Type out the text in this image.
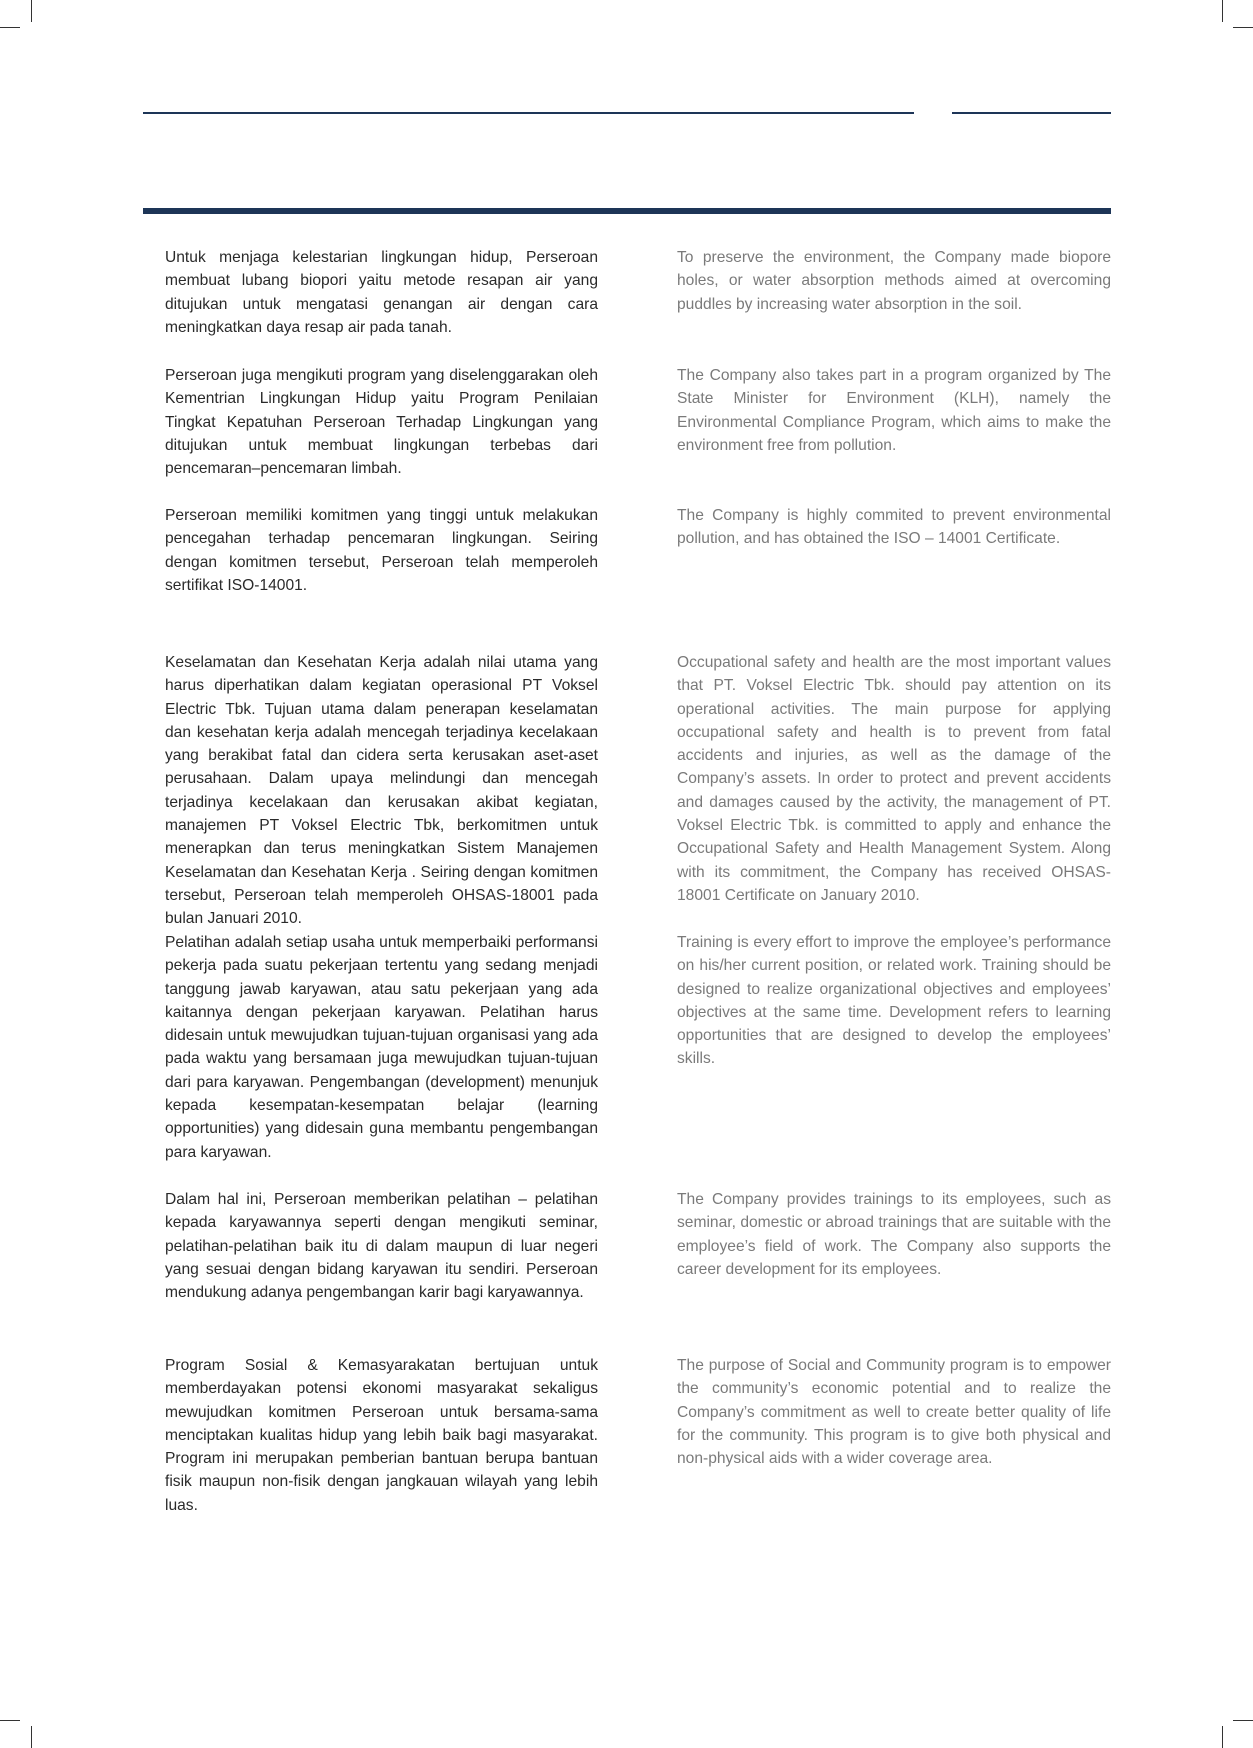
Untuk menjaga kelestarian lingkungan hidup, Perseroan membuat lubang biopori yaitu metode resapan air yang ditujukan untuk mengatasi genangan air dengan cara meningkatkan daya resap air pada tanah.

Perseroan juga mengikuti program yang diselenggarakan oleh Kementrian Lingkungan Hidup yaitu Program Penilaian Tingkat Kepatuhan Perseroan Terhadap Lingkungan yang ditujukan untuk membuat lingkungan terbebas dari pencemaran–pencemaran limbah.

Perseroan memiliki komitmen yang tinggi untuk melakukan pencegahan terhadap pencemaran lingkungan. Seiring dengan komitmen tersebut, Perseroan telah memperoleh sertifikat ISO-14001.

Keselamatan dan Kesehatan Kerja adalah nilai utama yang harus diperhatikan dalam kegiatan operasional PT Voksel Electric Tbk. Tujuan utama dalam penerapan keselamatan dan kesehatan kerja adalah mencegah terjadinya kecelakaan yang berakibat fatal dan cidera serta kerusakan aset-aset perusahaan. Dalam upaya melindungi dan mencegah terjadinya kecelakaan dan kerusakan akibat kegiatan, manajemen PT Voksel Electric Tbk, berkomitmen untuk menerapkan dan terus meningkatkan Sistem Manajemen Keselamatan dan Kesehatan Kerja . Seiring dengan komitmen tersebut, Perseroan telah memperoleh OHSAS-18001 pada bulan Januari 2010.

Pelatihan adalah setiap usaha untuk memperbaiki performansi pekerja pada suatu pekerjaan tertentu yang sedang menjadi tanggung jawab karyawan, atau satu pekerjaan yang ada kaitannya dengan pekerjaan karyawan. Pelatihan harus didesain untuk mewujudkan tujuan-tujuan organisasi yang ada pada waktu yang bersamaan juga mewujudkan tujuan-tujuan dari para karyawan. Pengembangan (development) menunjuk kepada kesempatan-kesempatan belajar (learning opportunities) yang didesain guna membantu pengembangan para karyawan.

Dalam hal ini, Perseroan memberikan pelatihan – pelatihan kepada karyawannya seperti dengan mengikuti seminar, pelatihan-pelatihan baik itu di dalam maupun di luar negeri yang sesuai dengan bidang karyawan itu sendiri. Perseroan mendukung adanya pengembangan karir bagi karyawannya.

Program Sosial & Kemasyarakatan bertujuan untuk memberdayakan potensi ekonomi masyarakat sekaligus mewujudkan komitmen Perseroan untuk bersama-sama menciptakan kualitas hidup yang lebih baik bagi masyarakat. Program ini merupakan pemberian bantuan berupa bantuan fisik maupun non-fisik dengan jangkauan wilayah yang lebih luas.

To preserve the environment, the Company made biopore holes, or water absorption methods aimed at overcoming puddles by increasing water absorption in the soil.

The Company also takes part in a program organized by The State Minister for Environment (KLH), namely the Environmental Compliance Program, which aims to make the environment free from pollution.

The Company is highly commited to prevent environmental pollution, and has obtained the ISO – 14001 Certificate.

Occupational safety and health are the most important values that PT. Voksel Electric Tbk. should pay attention on its operational activities. The main purpose for applying occupational safety and health is to prevent from fatal accidents and injuries, as well as the damage of the Company’s assets. In order to protect and prevent accidents and damages caused by the activity, the management of PT. Voksel Electric Tbk. is committed to apply and enhance the Occupational Safety and Health Management System. Along with its commitment, the Company has received OHSAS-18001 Certificate on January 2010.

Training is every effort to improve the employee’s performance on his/her current position, or related work. Training should be designed to realize organizational objectives and employees’ objectives at the same time. Development refers to learning opportunities that are designed to develop the employees’ skills.

The Company provides trainings to its employees, such as seminar, domestic or abroad trainings that are suitable with the employee’s field of work. The Company also supports the career development for its employees.

The purpose of Social and Community program is to empower the community’s economic potential and to realize the Company’s commitment as well to create better quality of life for the community. This program is to give both physical and non-physical aids with a wider coverage area.
